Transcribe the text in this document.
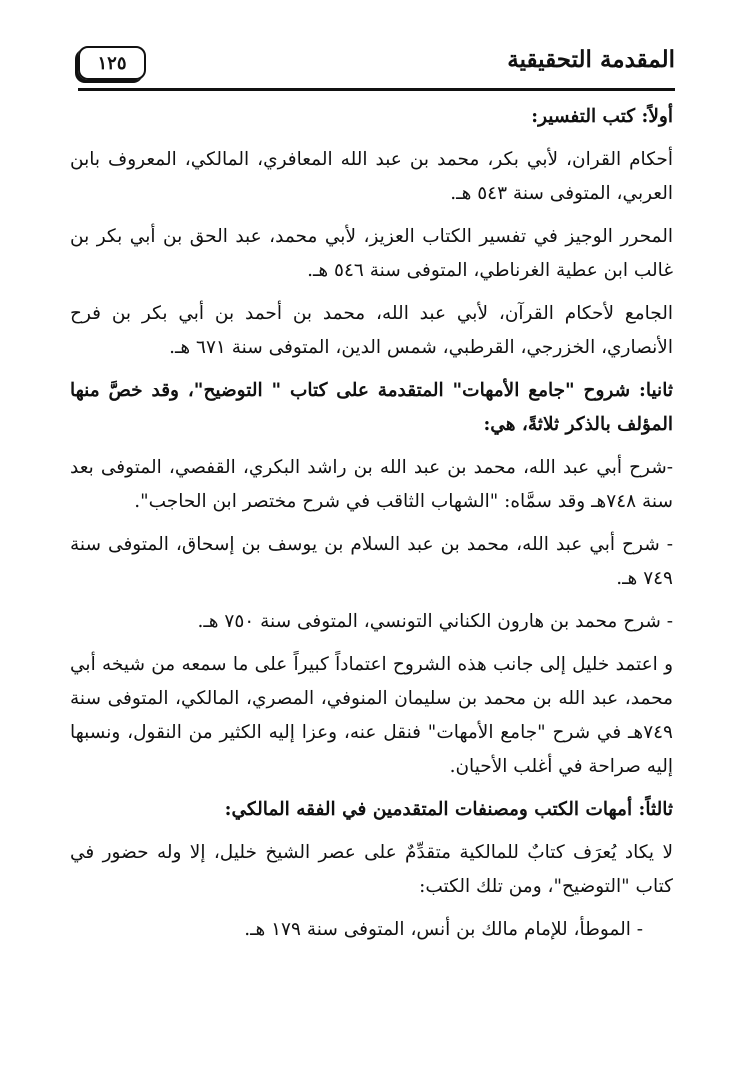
المقدمة التحقيقية
١٢٥

أولاً: كتب التفسير:

أحكام القران، لأبي بكر، محمد بن عبد الله المعافري، المالكي، المعروف بابن العربي، المتوفى سنة ٥٤٣ هـ.

المحرر الوجيز في تفسير الكتاب العزيز، لأبي محمد، عبد الحق بن أبي بكر بن غالب ابن عطية الغرناطي، المتوفى سنة ٥٤٦ هـ.

الجامع لأحكام القرآن، لأبي عبد الله، محمد بن أحمد بن أبي بكر بن فرح الأنصاري، الخزرجي، القرطبي، شمس الدين، المتوفى سنة ٦٧١ هـ.

ثانيا: شروح "جامع الأمهات" المتقدمة على كتاب " التوضيح"، وقد خصَّ منها المؤلف بالذكر ثلاثةً، هي:

-شرح أبي عبد الله، محمد بن عبد الله بن راشد البكري، القفصي، المتوفى بعد سنة ٧٤٨هـ وقد سمَّاه: "الشهاب الثاقب في شرح مختصر ابن الحاجب".

- شرح أبي عبد الله، محمد بن عبد السلام بن يوسف بن إسحاق، المتوفى سنة ٧٤٩ هـ.

- شرح محمد بن هارون الكناني التونسي، المتوفى سنة ٧٥٠ هـ.

و اعتمد خليل إلى جانب هذه الشروح اعتماداً كبيراً على ما سمعه من شيخه أبي محمد، عبد الله بن محمد بن سليمان المنوفي، المصري، المالكي، المتوفى سنة ٧٤٩هـ في شرح "جامع الأمهات" فنقل عنه، وعزا إليه الكثير من النقول، ونسبها إليه صراحة في أغلب الأحيان.

ثالثاً: أمهات الكتب ومصنفات المتقدمين في الفقه المالكي:

لا يكاد يُعرَف كتابٌ للمالكية متقدِّمٌ على عصر الشيخ خليل، إلا وله حضور في كتاب "التوضيح"، ومن تلك الكتب:

- الموطأ، للإمام مالك بن أنس، المتوفى سنة ١٧٩ هـ.
